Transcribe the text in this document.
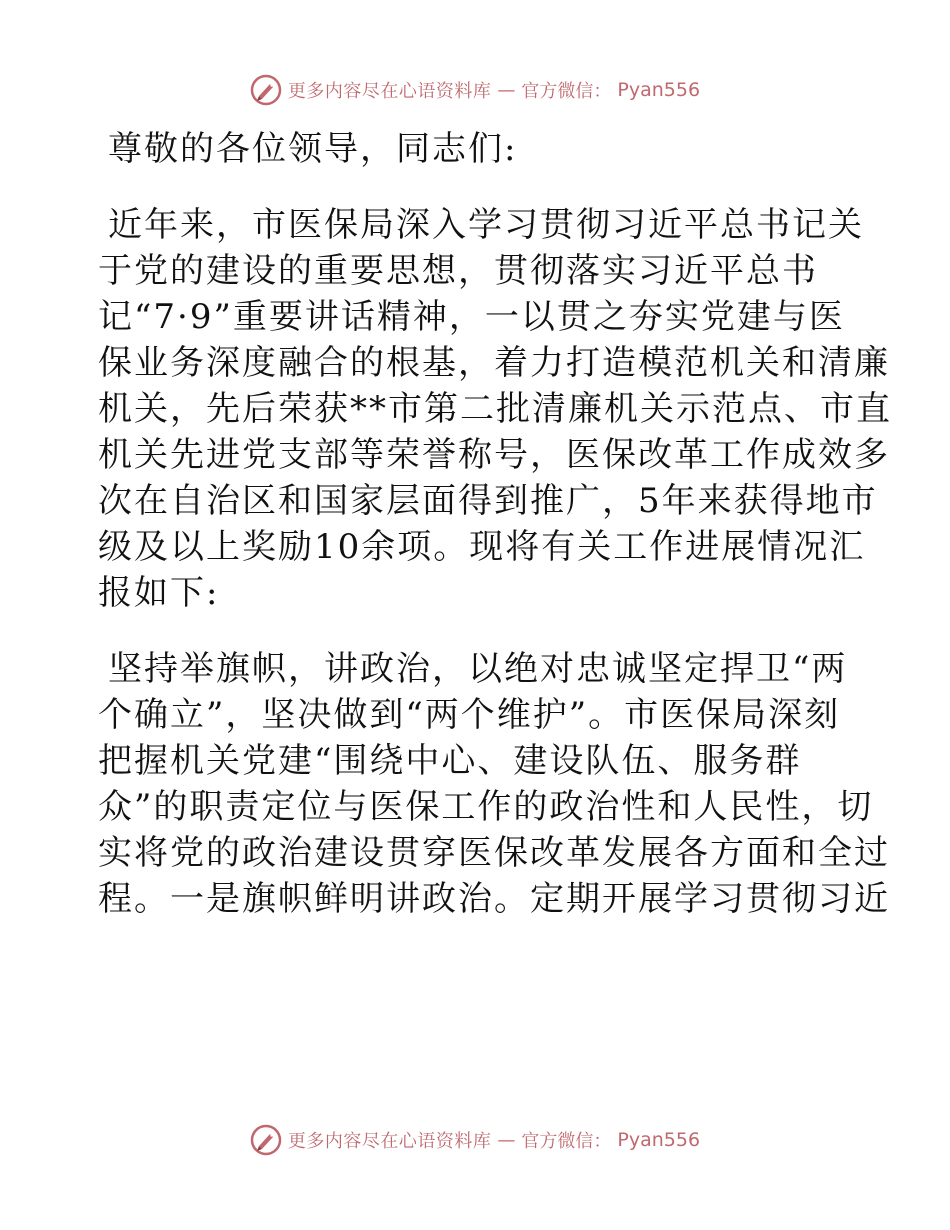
更多内容尽在心语资料库 — 官方微信： Pyan556
尊敬的各位领导，同志们:
近年来，市医保局深入学习贯彻习近平总书记关
于党的建设的重要思想，贯彻落实习近平总书
记“7·9”重要讲话精神，一以贯之夯实党建与医
保业务深度融合的根基，着力打造模范机关和清廉
机关，先后荣获**市第二批清廉机关示范点、市直
机关先进党支部等荣誉称号，医保改革工作成效多
次在自治区和国家层面得到推广，5年来获得地市
级及以上奖励10余项。现将有关工作进展情况汇
报如下:
坚持举旗帜，讲政治，以绝对忠诚坚定捍卫“两
个确立”，坚决做到“两个维护”。市医保局深刻
把握机关党建“围绕中心、建设队伍、服务群
众”的职责定位与医保工作的政治性和人民性，切
实将党的政治建设贯穿医保改革发展各方面和全过
程。一是旗帜鲜明讲政治。定期开展学习贯彻习近
更多内容尽在心语资料库 — 官方微信： Pyan556
